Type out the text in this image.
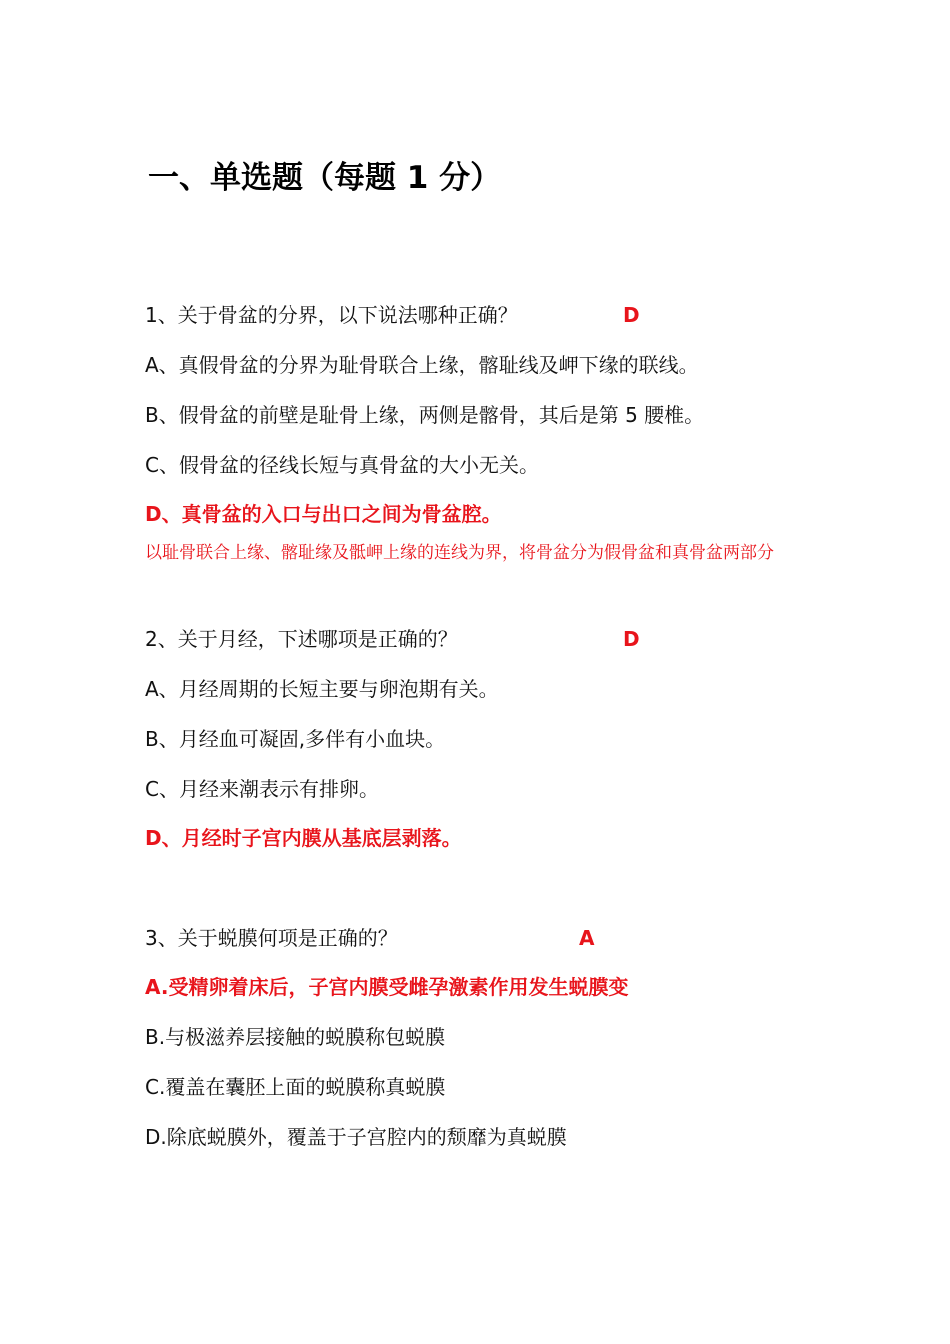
一、单选题（每题 1 分）
1、关于骨盆的分界，以下说法哪种正确？	D
A、真假骨盆的分界为耻骨联合上缘，髂耻线及岬下缘的联线。
B、假骨盆的前壁是耻骨上缘，两侧是髂骨，其后是第 5 腰椎。
C、假骨盆的径线长短与真骨盆的大小无关。
D、真骨盆的入口与出口之间为骨盆腔。
以耻骨联合上缘、髂耻缘及骶岬上缘的连线为界，将骨盆分为假骨盆和真骨盆两部分
2、关于月经，下述哪项是正确的？	D
A、月经周期的长短主要与卵泡期有关。
B、月经血可凝固,多伴有小血块。
C、月经来潮表示有排卵。
D、月经时子宫内膜从基底层剥落。
3、关于蜕膜何项是正确的？	A
A.受精卵着床后，子宫内膜受雌孕激素作用发生蜕膜变
B.与极滋养层接触的蜕膜称包蜕膜
C.覆盖在囊胚上面的蜕膜称真蜕膜
D.除底蜕膜外，覆盖于子宫腔内的颓靡为真蜕膜
